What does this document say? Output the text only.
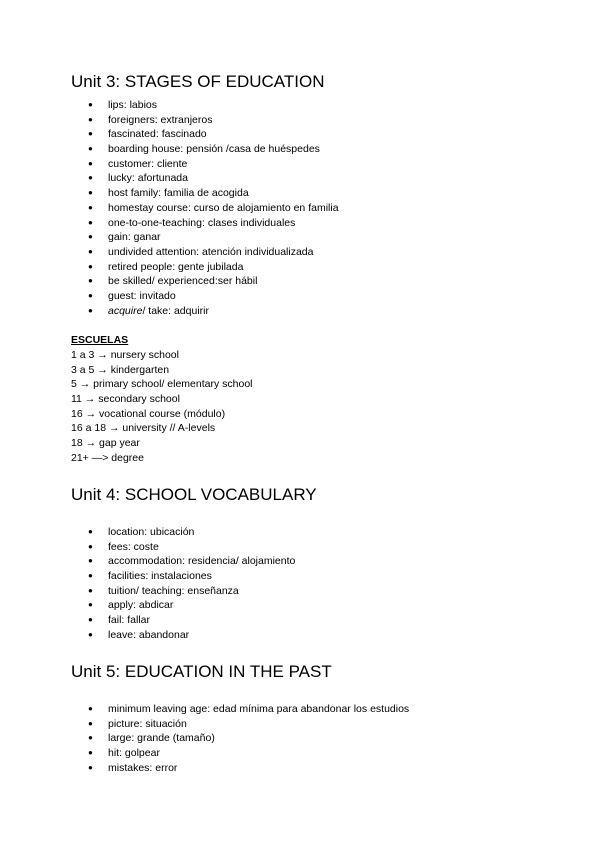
Unit 3: STAGES OF EDUCATION
● lips: labios
● foreigners: extranjeros
● fascinated: fascinado
● boarding house: pensión /casa de huéspedes
● customer: cliente
● lucky: afortunada
● host family: familia de acogida
● homestay course: curso de alojamiento en familia
● one-to-one-teaching: clases individuales
● gain: ganar
● undivided attention: atención individualizada
● retired people: gente jubilada
● be skilled/ experienced:ser hábil
● guest: invitado
● acquire/ take: adquirir
ESCUELAS
1 a 3 → nursery school
3 a 5 → kindergarten
5 → primary school/ elementary school
11 → secondary school
16 → vocational course (módulo)
16 a 18 → university // A-levels
18 → gap year
21+ —> degree
Unit 4: SCHOOL VOCABULARY
● location: ubicación
● fees: coste
● accommodation: residencia/ alojamiento
● facilities: instalaciones
● tuition/ teaching: enseñanza
● apply: abdicar
● fail: fallar
● leave: abandonar
Unit 5: EDUCATION IN THE PAST
● minimum leaving age: edad mínima para abandonar los estudios
● picture: situación
● large: grande (tamaño)
● hit: golpear
● mistakes: error
